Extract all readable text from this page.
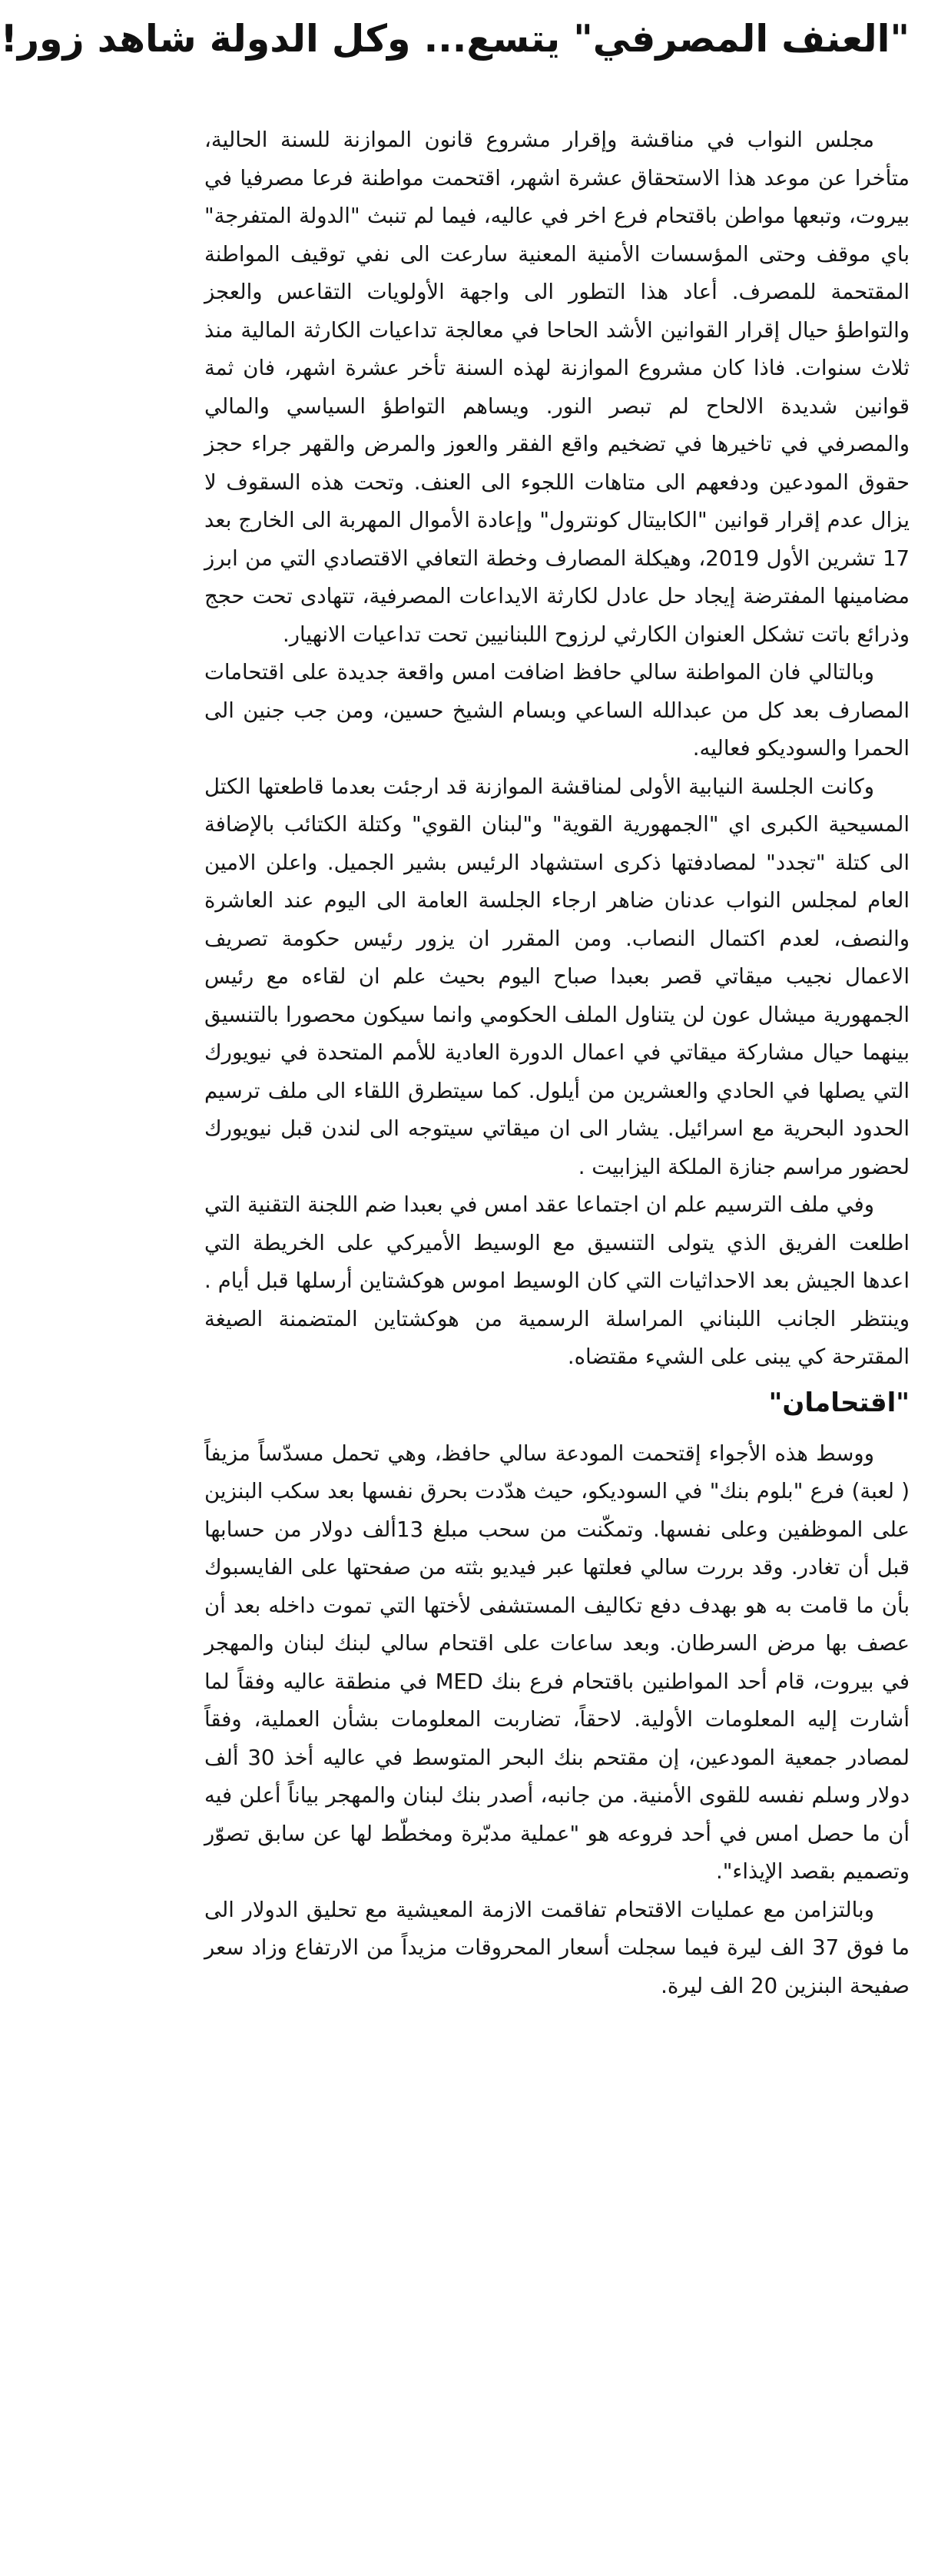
"العنف المصرفي" يتسع... وكل الدولة شاهد زور!

مجلس النواب في مناقشة وإقرار مشروع قانون الموازنة للسنة الحالية، متأخرا عن موعد هذا الاستحقاق عشرة اشهر، اقتحمت مواطنة فرعا مصرفيا في بيروت، وتبعها مواطن باقتحام فرع اخر في عاليه، فيما لم تنبث "الدولة المتفرجة" باي موقف وحتى المؤسسات الأمنية المعنية سارعت الى نفي توقيف المواطنة المقتحمة للمصرف. أعاد هذا التطور الى واجهة الأولويات التقاعس والعجز والتواطؤ حيال إقرار القوانين الأشد الحاحا في معالجة تداعيات الكارثة المالية منذ ثلاث سنوات. فاذا كان مشروع الموازنة لهذه السنة تأخر عشرة اشهر، فان ثمة قوانين شديدة الالحاح لم تبصر النور. ويساهم التواطؤ السياسي والمالي والمصرفي في تاخيرها في تضخيم واقع الفقر والعوز والمرض والقهر جراء حجز حقوق المودعين ودفعهم الى متاهات اللجوء الى العنف. وتحت هذه السقوف لا يزال عدم إقرار قوانين "الكابيتال كونترول" وإعادة الأموال المهربة الى الخارج بعد 17 تشرين الأول 2019، وهيكلة المصارف وخطة التعافي الاقتصادي التي من ابرز مضامينها المفترضة إيجاد حل عادل لكارثة الايداعات المصرفية، تتهادى تحت حجج وذرائع باتت تشكل العنوان الكارثي لرزوح اللبنانيين تحت تداعيات الانهيار.

وبالتالي فان المواطنة سالي حافظ اضافت امس واقعة جديدة على اقتحامات المصارف بعد كل من عبدالله الساعي وبسام الشيخ حسين، ومن جب جنين الى الحمرا والسوديكو فعاليه.

وكانت الجلسة النيابية الأولى لمناقشة الموازنة قد ارجئت بعدما قاطعتها الكتل المسيحية الكبرى اي "الجمهورية القوية" و"لبنان القوي" وكتلة الكتائب بالإضافة الى كتلة "تجدد" لمصادفتها ذكرى استشهاد الرئيس بشير الجميل. واعلن الامين العام لمجلس النواب عدنان ضاهر ارجاء الجلسة العامة الى اليوم عند العاشرة والنصف، لعدم اكتمال النصاب. ومن المقرر ان يزور رئيس حكومة تصريف الاعمال نجيب ميقاتي قصر بعبدا صباح اليوم بحيث علم ان لقاءه مع رئيس الجمهورية ميشال عون لن يتناول الملف الحكومي وانما سيكون محصورا بالتنسيق بينهما حيال مشاركة ميقاتي في اعمال الدورة العادية للأمم المتحدة في نيويورك التي يصلها في الحادي والعشرين من أيلول. كما سيتطرق اللقاء الى ملف ترسيم الحدود البحرية مع اسرائيل. يشار الى ان ميقاتي سيتوجه الى لندن قبل نيويورك لحضور مراسم جنازة الملكة اليزابيت .

وفي ملف الترسيم علم ان اجتماعا عقد امس في بعبدا ضم اللجنة التقنية التي اطلعت الفريق الذي يتولى التنسيق مع الوسيط الأميركي على الخريطة التي اعدها الجيش بعد الاحداثيات التي كان الوسيط اموس هوكشتاين أرسلها قبل أيام . وينتظر الجانب اللبناني المراسلة الرسمية من هوكشتاين المتضمنة الصيغة المقترحة كي يبنى على الشيء مقتضاه.

"اقتحامان"

ووسط هذه الأجواء إقتحمت المودعة سالي حافظ، وهي تحمل مسدّساً مزيفاً ( لعبة) فرع "بلوم بنك" في السوديكو، حيث هدّدت بحرق نفسها بعد سكب البنزين على الموظفين وعلى نفسها. وتمكّنت من سحب مبلغ 13ألف دولار من حسابها قبل أن تغادر. وقد بررت سالي فعلتها عبر فيديو بثته من صفحتها على الفايسبوك بأن ما قامت به هو بهدف دفع تكاليف المستشفى لأختها التي تموت داخله بعد أن عصف بها مرض السرطان. وبعد ساعات على اقتحام سالي لبنك لبنان والمهجر في بيروت، قام أحد المواطنين باقتحام فرع بنك MED في منطقة عاليه وفقاً لما أشارت إليه المعلومات الأولية. لاحقاً، تضاربت المعلومات بشأن العملية، وفقاً لمصادر جمعية المودعين، إن مقتحم بنك البحر المتوسط في عاليه أخذ 30 ألف دولار وسلم نفسه للقوى الأمنية. من جانبه، أصدر بنك لبنان والمهجر بياناً أعلن فيه أن ما حصل امس في أحد فروعه هو "عملية مدبّرة ومخطّط لها عن سابق تصوّر وتصميم بقصد الإيذاء".

وبالتزامن مع عمليات الاقتحام تفاقمت الازمة المعيشية مع تحليق الدولار الى ما فوق 37 الف ليرة فيما سجلت أسعار المحروقات مزيداً من الارتفاع وزاد سعر صفيحة البنزين 20 الف ليرة.
